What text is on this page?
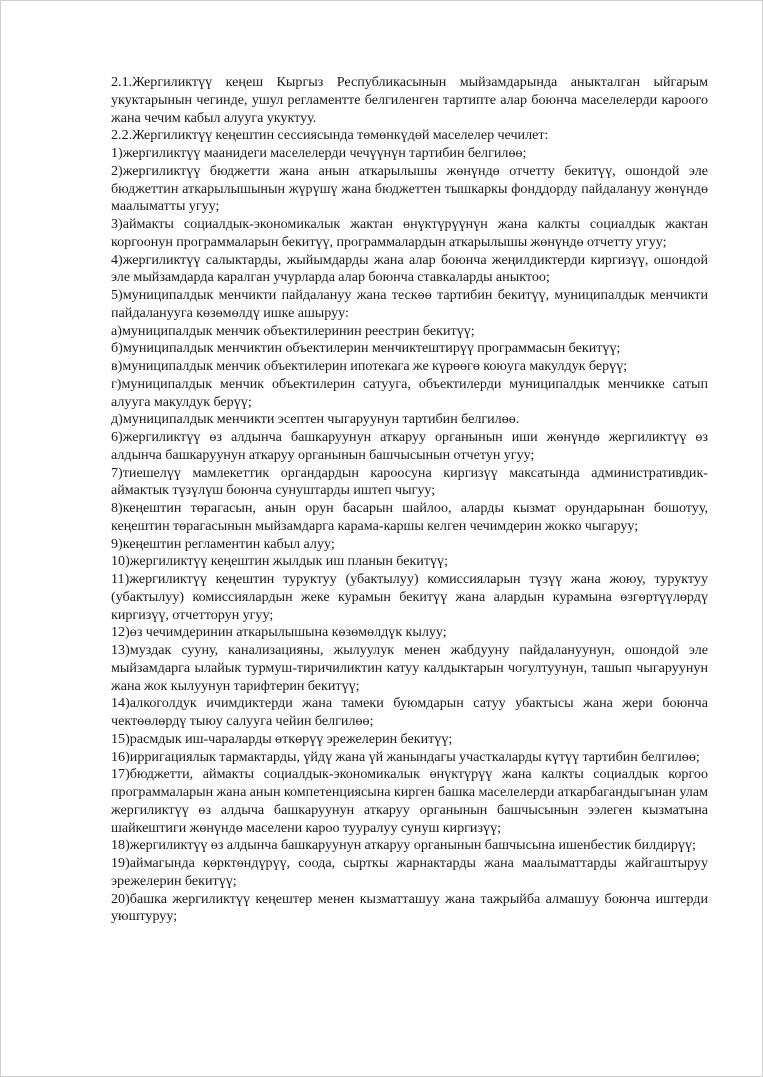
2.1.Жергиликтүү кеңеш Кыргыз Республикасынын мыйзамдарында аныкталган ыйгарым укуктарынын чегинде, ушул регламентте белгиленген тартипте алар боюнча маселелерди кароого жана чечим кабыл алууга укуктуу.

2.2.Жергиликтүү кеңештин сессиясында төмөнкүдөй маселелер чечилет:

1)жергиликтүү маанидеги маселелерди чечүүнүн тартибин белгилөө;

2)жергиликтүү бюджетти жана анын аткарылышы жөнүндө отчетту бекитүү, ошондой эле бюджеттин аткарылышынын жүрүшү жана бюджеттен тышкаркы фонддорду пайдалануу жөнүндө маалыматты угуу;

3)аймакты социалдык-экономикалык жактан өнүктүрүүнүн жана калкты социалдык жактан коргоонун программаларын бекитүү, программалардын аткарылышы жөнүндө отчетту угуу;

4)жергиликтүү салыктарды, жыйымдарды жана алар боюнча жеңилдиктерди киргизүү, ошондой эле мыйзамдарда каралган учурларда алар боюнча ставкаларды аныктоо;

5)муниципалдык менчикти пайдалануу жана тескөө тартибин бекитүү, муниципалдык менчикти пайдаланууга көзөмөлдү ишке ашыруу:

а)муниципалдык менчик объектилеринин реестрин бекитүү;

б)муниципалдык менчиктин объектилерин менчиктештирүү программасын бекитүү;

в)муниципалдык менчик объектилерин ипотекага же күрөөгө коюуга макулдук берүү;

г)муниципалдык менчик объектилерин сатууга, объектилерди муниципалдык менчикке сатып алууга макулдук берүү;

д)муниципалдык менчикти эсептен чыгаруунун тартибин белгилөө.

6)жергиликтүү өз алдынча башкаруунун аткаруу органынын иши жөнүндө жергиликтүү өз алдынча башкаруунун аткаруу органынын башчысынын отчетун угуу;

7)тиешелүү мамлекеттик органдардын кароосуна киргизүү максатында административдик-аймактык түзүлүш боюнча сунуштарды иштеп чыгуу;

8)кеңештин төрагасын, анын орун басарын шайлоо, аларды кызмат орундарынан бошотуу, кеңештин төрагасынын мыйзамдарга карама-каршы келген чечимдерин жокко чыгаруу;

9)кеңештин регламентин кабыл алуу;

10)жергиликтүү кеңештин жылдык иш планын бекитүү;

11)жергиликтүү кеңештин туруктуу (убактылуу) комиссияларын түзүү жана жоюу, туруктуу (убактылуу) комиссиялардын жеке курамын бекитүү жана алардын курамына өзгөртүүлөрдү киргизүү, отчетторун угуу;

12)өз чечимдеринин аткарылышына көзөмөлдүк кылуу;

13)муздак сууну, канализацияны, жылуулук менен жабдууну пайдалануунун, ошондой эле мыйзамдарга ылайык турмуш-тиричиликтин катуу калдыктарын чогултуунун, ташып чыгаруунун жана жок кылуунун тарифтерин бекитүү;

14)алкоголдук ичимдиктерди жана тамеки буюмдарын сатуу убактысы жана жери боюнча чектөөлөрдү тыюу салууга чейин белгилөө;

15)расмдык иш-чараларды өткөрүү эрежелерин бекитүү;

16)ирригациялык тармактарды, үйдү жана үй жанындагы участкаларды күтүү тартибин белгилөө;

17)бюджетти, аймакты социалдык-экономикалык өнүктүрүү жана калкты социалдык коргоо программаларын жана анын компетенциясына кирген башка маселелерди аткарбагандыгынан улам жергиликтүү өз алдыча башкаруунун аткаруу органынын башчысынын ээлеген кызматына шайкештиги жөнүндө маселени кароо тууралуу сунуш киргизүү;

18)жергиликтүү өз алдынча башкаруунун аткаруу органынын башчысына ишенбестик билдирүү;

19)аймагында көрктөндүрүү, соода, сырткы жарнактарды жана маалыматтарды жайгаштыруу эрежелерин бекитүү;

20)башка жергиликтүү кеңештер менен кызматташуу жана тажрыйба алмашуу боюнча иштерди уюштуруу;
